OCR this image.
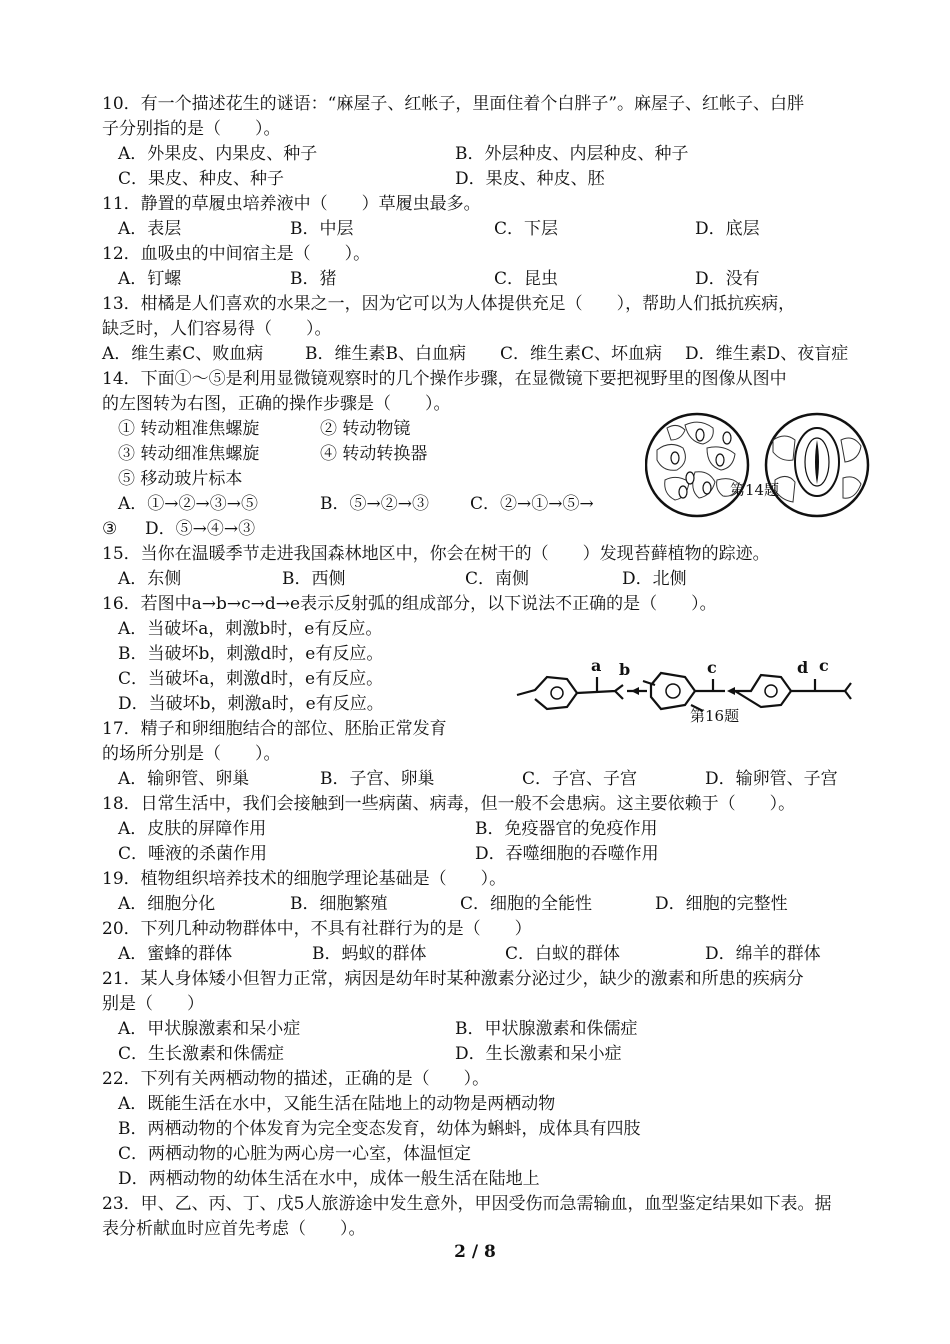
10．有一个描述花生的谜语：“麻屋子、红帐子，里面住着个白胖子”。麻屋子、红帐子、白胖
子分别指的是（　　）。
A．外果皮、内果皮、种子	B．外层种皮、内层种皮、种子
C．果皮、种皮、种子	D．果皮、种皮、胚
11．静置的草履虫培养液中（　　）草履虫最多。
A．表层	B．中层	C．下层	D．底层
12．血吸虫的中间宿主是（　　）。
A．钉螺	B．猪	C．昆虫	D．没有
13．柑橘是人们喜欢的水果之一，因为它可以为人体提供充足（　　），帮助人们抵抗疾病，
缺乏时，人们容易得（　　）。
A．维生素C、败血病 B．维生素B、白血病 C．维生素C、坏血病 D．维生素D、夜盲症
14．下面①～⑤是利用显微镜观察时的几个操作步骤，在显微镜下要把视野里的图像从图中
的左图转为右图，正确的操作步骤是（　　）。
① 转动粗准焦螺旋	② 转动物镜
③ 转动细准焦螺旋	④ 转动转换器
⑤ 移动玻片标本
A．①→②→③→⑤	B．⑤→②→③ C．②→①→⑤→
③ D．⑤→④→③
第14题
15．当你在温暖季节走进我国森林地区中，你会在树干的（　　）发现苔藓植物的踪迹。
A．东侧	B．西侧	C．南侧	D．北侧
16．若图中a→b→c→d→e表示反射弧的组成部分，以下说法不正确的是（　　）。
A．当破坏a，刺激b时，e有反应。
B．当破坏b，刺激d时，e有反应。
C．当破坏a，刺激d时，e有反应。
D．当破坏b，刺激a时，e有反应。
a b	c	d c
第16题
17．精子和卵细胞结合的部位、胚胎正常发育
的场所分别是（　　）。
A．输卵管、卵巢	B．子宫、卵巢	C．子宫、子宫	D．输卵管、子宫
18．日常生活中，我们会接触到一些病菌、病毒，但一般不会患病。这主要依赖于（　　）。
A．皮肤的屏障作用	B．免疫器官的免疫作用
C．唾液的杀菌作用	D．吞噬细胞的吞噬作用
19．植物组织培养技术的细胞学理论基础是（　　）。
A．细胞分化	B．细胞繁殖	C．细胞的全能性	D．细胞的完整性
20．下列几种动物群体中，不具有社群行为的是（　　）
A．蜜蜂的群体	B．蚂蚁的群体	C．白蚁的群体	D．绵羊的群体
21．某人身体矮小但智力正常，病因是幼年时某种激素分泌过少，缺少的激素和所患的疾病分
别是（　　）
A．甲状腺激素和呆小症	B．甲状腺激素和侏儒症
C．生长激素和侏儒症	D．生长激素和呆小症
22．下列有关两栖动物的描述，正确的是（　　）。
A．既能生活在水中，又能生活在陆地上的动物是两栖动物
B．两栖动物的个体发育为完全变态发育，幼体为蝌蚪，成体具有四肢
C．两栖动物的心脏为两心房一心室，体温恒定
D．两栖动物的幼体生活在水中，成体一般生活在陆地上
23．甲、乙、丙、丁、戊5人旅游途中发生意外，甲因受伤而急需输血，血型鉴定结果如下表。据
表分析献血时应首先考虑（　　）。
2 / 8
